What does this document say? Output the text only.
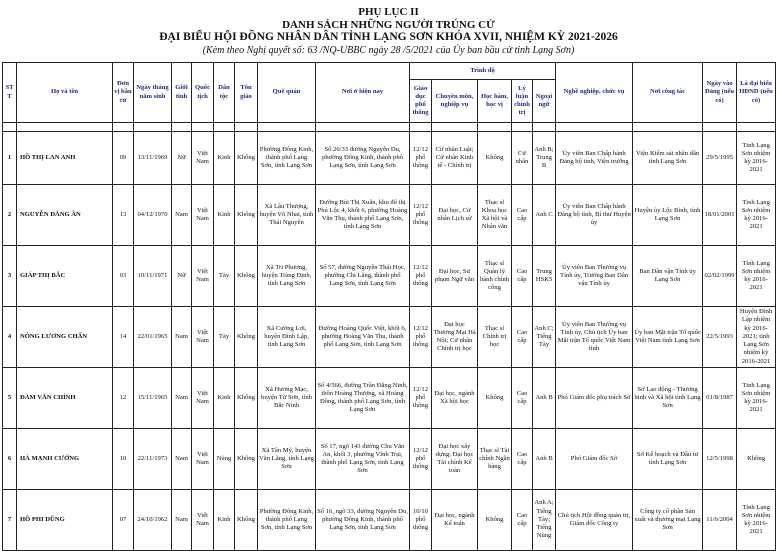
PHỤ LỤC II
DANH SÁCH NHỮNG NGƯỜI TRÚNG CỬ
ĐẠI BIỂU HỘI ĐỒNG NHÂN DÂN TỈNH LẠNG SƠN KHÓA XVII, NHIỆM KỲ 2021-2026
(Kèm theo Nghị quyết số: 63 /NQ-UBBC ngày 28 /5/2021 của Ủy ban bầu cử tỉnh Lạng Sơn)
ST T	Họ và tên	Đơn vị bầu cử	Ngày tháng năm sinh	Giới tính	Quốc tịch	Dân tộc	Tôn giáo	Quê quán	Nơi ở hiện nay	Trình độ					Nghề nghiệp, chức vụ	Nơi công tác	Ngày vào Đảng (nếu có)	Là đại biểu HĐND (nếu có)
										Giáo dục phổ thông	Chuyên môn, nghiệp vụ	Học hàm, học vị	Lý luận chính trị	Ngoại ngữ				

1	HỒ THỊ LAN ANH	09	13/11/1969	Nữ	Việt Nam	Kinh	Không	Phường Đông Kinh, thành phố Lạng Sơn, tỉnh Lạng Sơn	Số 26/33 đường Nguyễn Du, phường Đông Kinh, thành phố Lạng Sơn, tỉnh Lạng Sơn	12/12 phổ thông	Cử nhân Luật; Cử nhân Kinh tế - Chính trị	Không	Cử nhân	Anh B; Trung B	Ủy viên Ban Chấp hành Đảng bộ tỉnh, Viện trưởng	Viện Kiểm sát nhân dân tỉnh Lạng Sơn	29/5/1995	Tỉnh Lạng Sơn nhiệm kỳ 2016-2021
2	NGUYỄN ĐĂNG ÂN	13	04/12/1970	Nam	Việt Nam	Kinh	Không	Xã Lâu Thượng, huyện Võ Nhai, tỉnh Thái Nguyên	Đường Bùi Thị Xuân, khu đô thị Phú Lộc 4, khối 6, phường Hoàng Văn Thụ, thành phố Lạng Sơn, tỉnh Lạng Sơn	12/12 phổ thông	Đại học, Cử nhân Lịch sử	Thạc sĩ Khoa học Xã hội và Nhân văn	Cao cấp	Anh C	Ủy viên Ban Chấp hành Đảng bộ tỉnh, Bí thư Huyện ủy	Huyện ủy Lộc Bình, tỉnh Lạng Sơn	18/01/2001	Tỉnh Lạng Sơn nhiệm kỳ 2016-2021
3	GIÁP THỊ BẮC	03	10/11/1971	Nữ	Việt Nam	Tày	Không	Xã Tri Phương, huyện Tràng Định, tỉnh Lạng Sơn	Số 57, đường Nguyễn Thái Học, phường Chi Lăng, thành phố Lạng Sơn, tỉnh Lạng Sơn	12/12 phổ thông	Đại học, Sư phạm Ngữ văn	Thạc sĩ Quản lý hành chính công	Cao cấp	Trung HSK5	Ủy viên Ban Thường vụ Tỉnh ủy, Trưởng Ban Dân vận Tỉnh ủy	Ban Dân vận Tỉnh ủy Lạng Sơn	02/02/1999	Tỉnh Lạng Sơn nhiệm kỳ 2016-2021
4	NÔNG LƯƠNG CHẤN	14	22/01/1965	Nam	Việt Nam	Tày	Không	Xã Cường Lợi, huyện Đình Lập, tỉnh Lạng Sơn	Đường Hoàng Quốc Việt, khối 6, phường Hoàng Văn Thụ, thành phố Lạng Sơn, tỉnh Lạng Sơn	12/12 phổ thông	Đại học Thương Mại Hà Nội; Cử nhân Chính trị học	Thạc sĩ Chính trị học	Cao cấp	Anh C; Tiếng Tày	Ủy viên Ban Thường vụ Tỉnh ủy, Chủ tịch Ủy ban Mặt trận Tổ quốc Việt Nam tỉnh	Ủy ban Mặt trận Tổ quốc Việt Nam tỉnh Lạng Sơn	22/5/1993	Huyện Đình Lập nhiệm kỳ 2016-2021; tỉnh Lạng Sơn nhiệm kỳ 2016-2021
5	ĐÀM VĂN CHÍNH	12	15/11/1965	Nam	Việt Nam	Kinh	Không	Xã Hương Mạc, huyện Từ Sơn, tỉnh Bắc Ninh	Số 4/566, đường Trần Đăng Ninh, thôn Hoàng Thượng, xã Hoàng Đồng, thành phố Lạng Sơn, tỉnh Lạng Sơn	12/12 phổ thông	Đại học, ngành Xã hội học	Không	Cao cấp	Anh B	Phó Giám đốc phụ trách Sở	Sở Lao động - Thương binh và Xã hội tỉnh Lạng Sơn	01/8/1987	Tỉnh Lạng Sơn nhiệm kỳ 2016-2021
6	HÀ MẠNH CƯỜNG	10	22/11/1973	Nam	Việt Nam	Nùng	Không	Xã Tân Mỹ, huyện Văn Lãng, tỉnh Lạng Sơn	Số 17, ngõ 143 đường Chu Văn An, khối 3, phường Vĩnh Trại, thành phố Lạng Sơn, tỉnh Lạng Sơn	12/12 phổ thông	Đại học xây dựng; Đại học Tài chính Kế toán	Thạc sĩ Tài chính Ngân hàng	Cao cấp	Anh B	Phó Giám đốc Sở	Sở Kế hoạch và Đầu tư tỉnh Lạng Sơn	12/5/1998	Không
7	HỒ PHI DŨNG	07	24/10/1962	Nam	Việt Nam	Kinh	Không	Phường Đông Kinh, thành phố Lạng Sơn, tỉnh Lạng Sơn	Số 16, ngõ 33, đường Nguyễn Du, phường Đông Kinh, thành phố Lạng Sơn, tỉnh Lạng Sơn	10/10 phổ thông	Đại học, ngành Kế toán	Không	Cao cấp	Anh A; Tiếng Tày; Tiếng Nùng	Chủ tịch Hội đồng quản trị, Giám đốc Công ty	Công ty cổ phần Sản xuất và thương mại Lạng Sơn	11/6/2004	Tỉnh Lạng Sơn nhiệm kỳ 2016-2021
